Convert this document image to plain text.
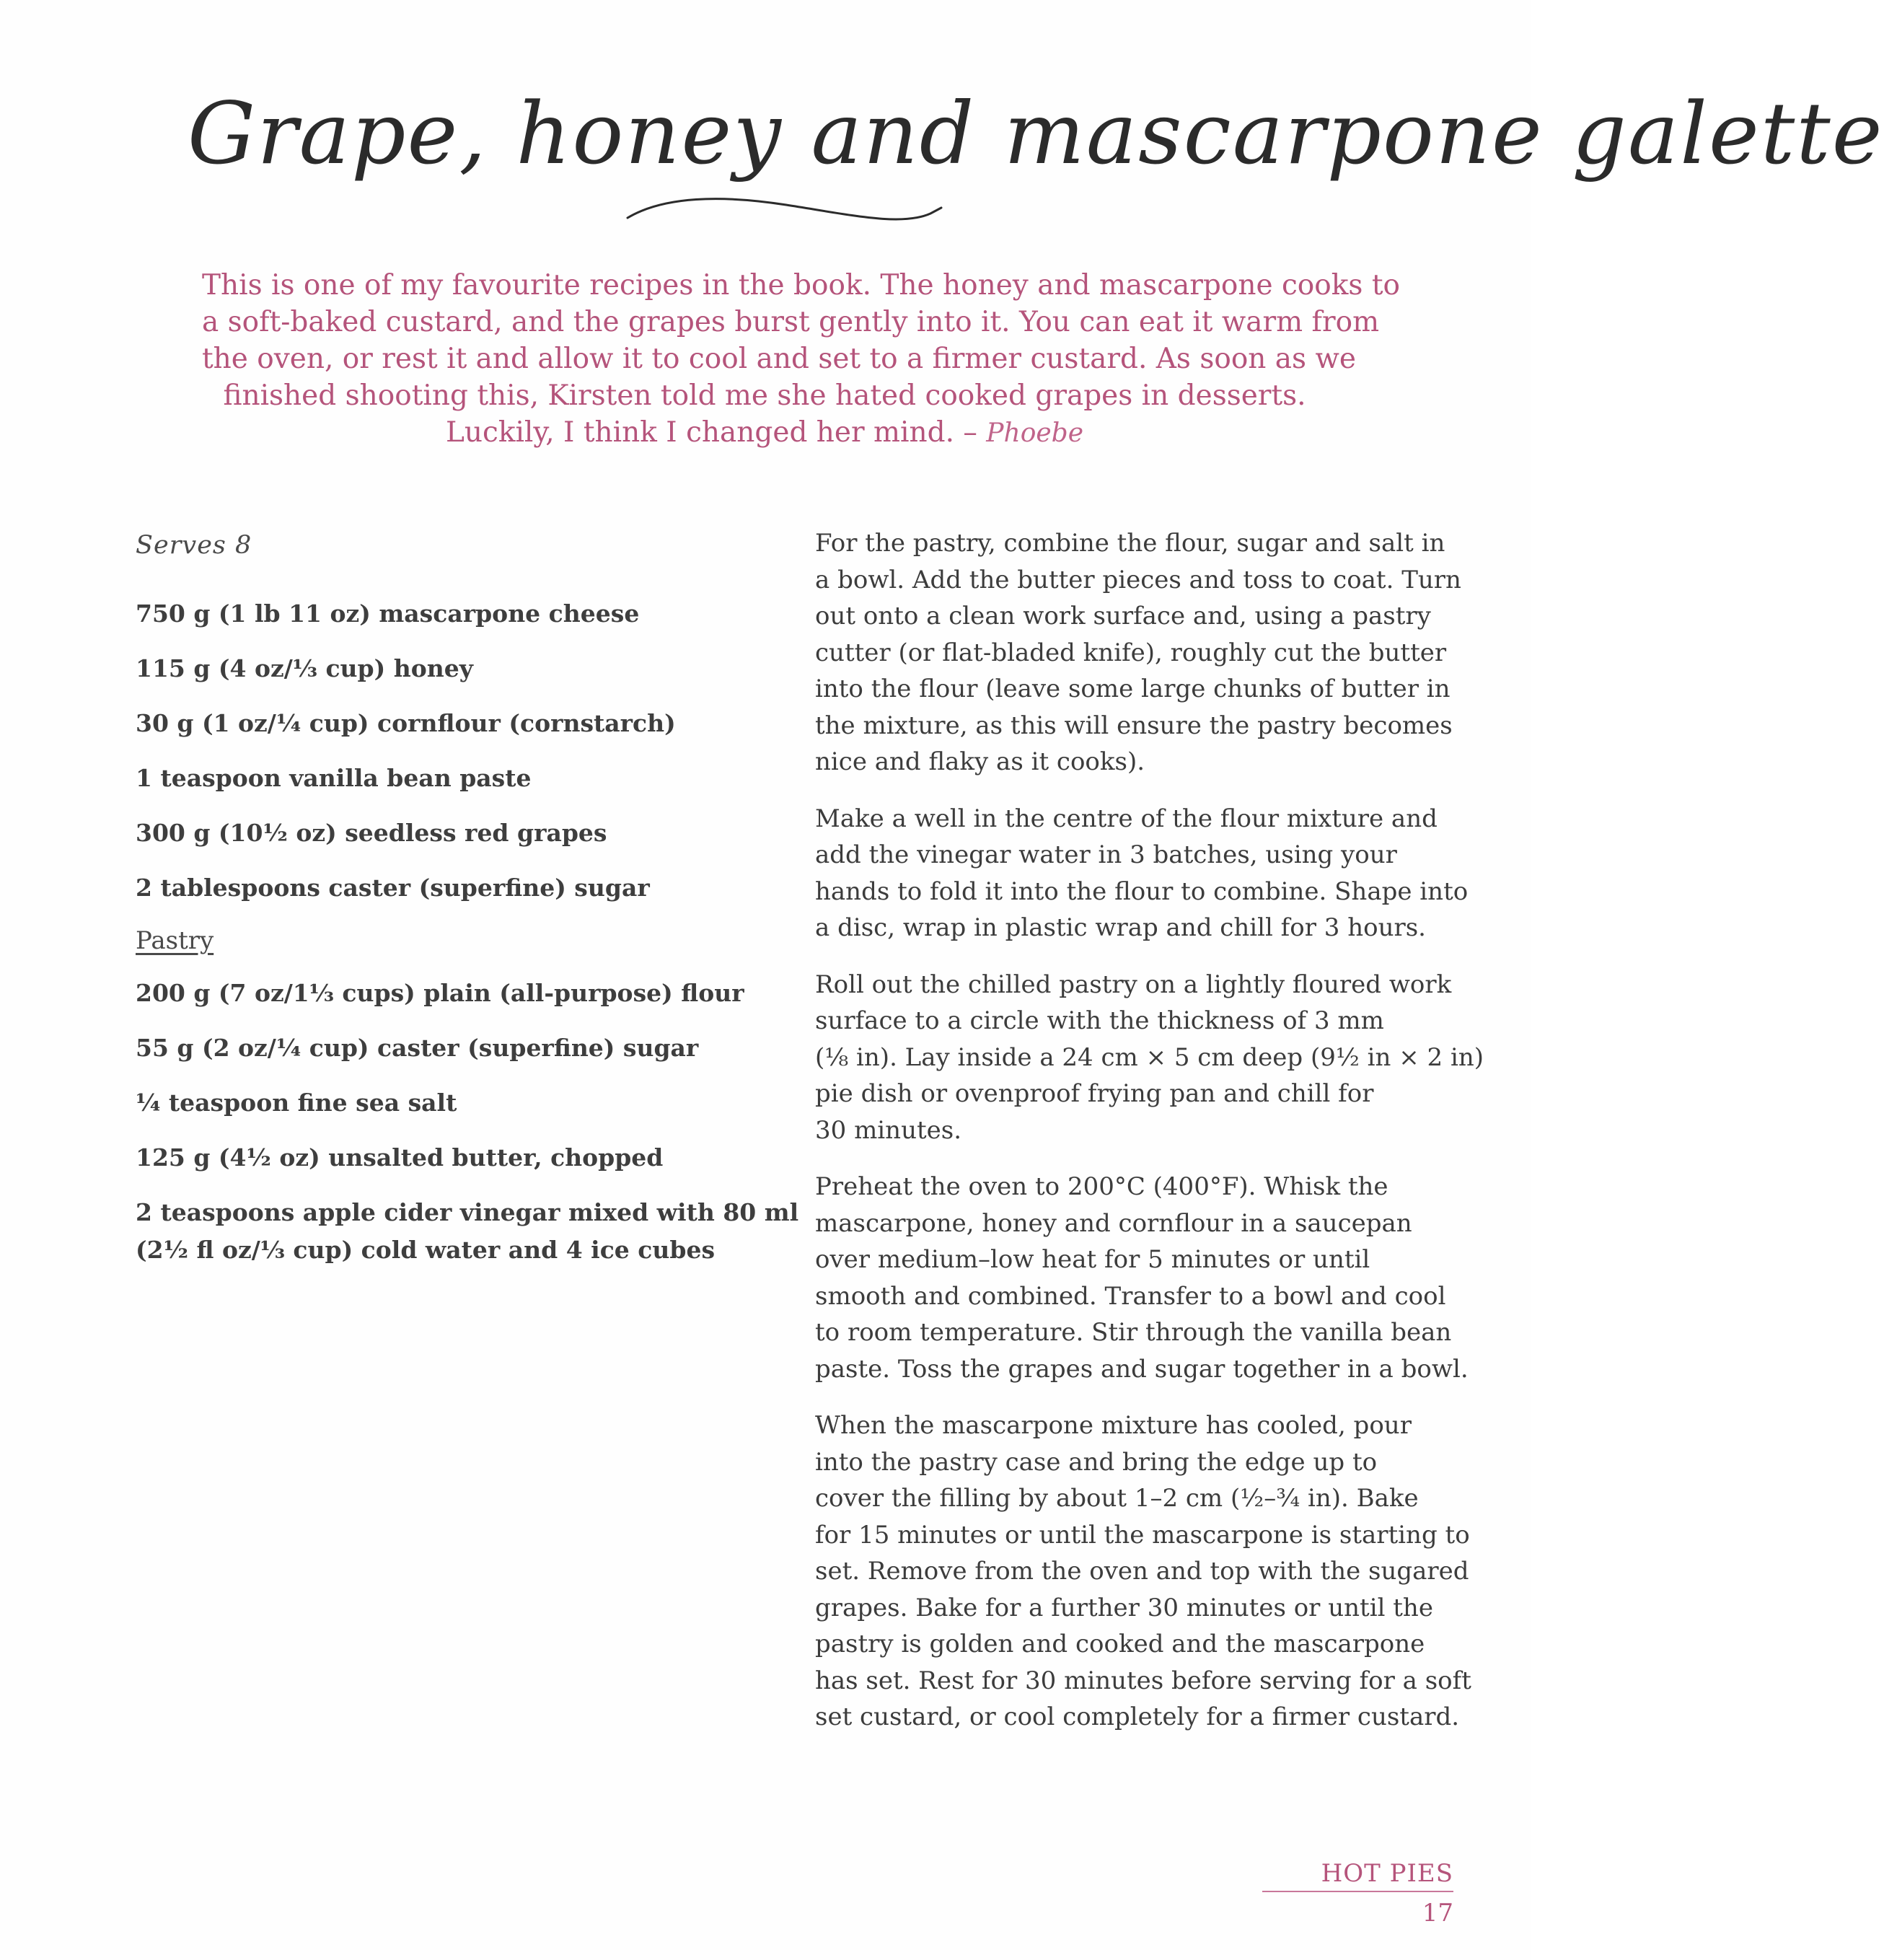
Grape, honey and mascarpone galette
This is one of my favourite recipes in the book. The honey and mascarpone cooks to
a soft-baked custard, and the grapes burst gently into it. You can eat it warm from
the oven, or rest it and allow it to cool and set to a firmer custard. As soon as we
finished shooting this, Kirsten told me she hated cooked grapes in desserts.
Luckily, I think I changed her mind. – Phoebe
Serves 8
750 g (1 lb 11 oz) mascarpone cheese
115 g (4 oz/⅓ cup) honey
30 g (1 oz/¼ cup) cornflour (cornstarch)
1 teaspoon vanilla bean paste
300 g (10½ oz) seedless red grapes
2 tablespoons caster (superfine) sugar
Pastry
200 g (7 oz/1⅓ cups) plain (all-purpose) flour
55 g (2 oz/¼ cup) caster (superfine) sugar
¼ teaspoon fine sea salt
125 g (4½ oz) unsalted butter, chopped
2 teaspoons apple cider vinegar mixed with 80 ml
(2½ fl oz/⅓ cup) cold water and 4 ice cubes
For the pastry, combine the flour, sugar and salt in
a bowl. Add the butter pieces and toss to coat. Turn
out onto a clean work surface and, using a pastry
cutter (or flat-bladed knife), roughly cut the butter
into the flour (leave some large chunks of butter in
the mixture, as this will ensure the pastry becomes
nice and flaky as it cooks).
Make a well in the centre of the flour mixture and
add the vinegar water in 3 batches, using your
hands to fold it into the flour to combine. Shape into
a disc, wrap in plastic wrap and chill for 3 hours.
Roll out the chilled pastry on a lightly floured work
surface to a circle with the thickness of 3 mm
(⅛ in). Lay inside a 24 cm × 5 cm deep (9½ in × 2 in)
pie dish or ovenproof frying pan and chill for
30 minutes.
Preheat the oven to 200°C (400°F). Whisk the
mascarpone, honey and cornflour in a saucepan
over medium–low heat for 5 minutes or until
smooth and combined. Transfer to a bowl and cool
to room temperature. Stir through the vanilla bean
paste. Toss the grapes and sugar together in a bowl.
When the mascarpone mixture has cooled, pour
into the pastry case and bring the edge up to
cover the filling by about 1–2 cm (½–¾ in). Bake
for 15 minutes or until the mascarpone is starting to
set. Remove from the oven and top with the sugared
grapes. Bake for a further 30 minutes or until the
pastry is golden and cooked and the mascarpone
has set. Rest for 30 minutes before serving for a soft
set custard, or cool completely for a firmer custard.
HOT PIES
17
